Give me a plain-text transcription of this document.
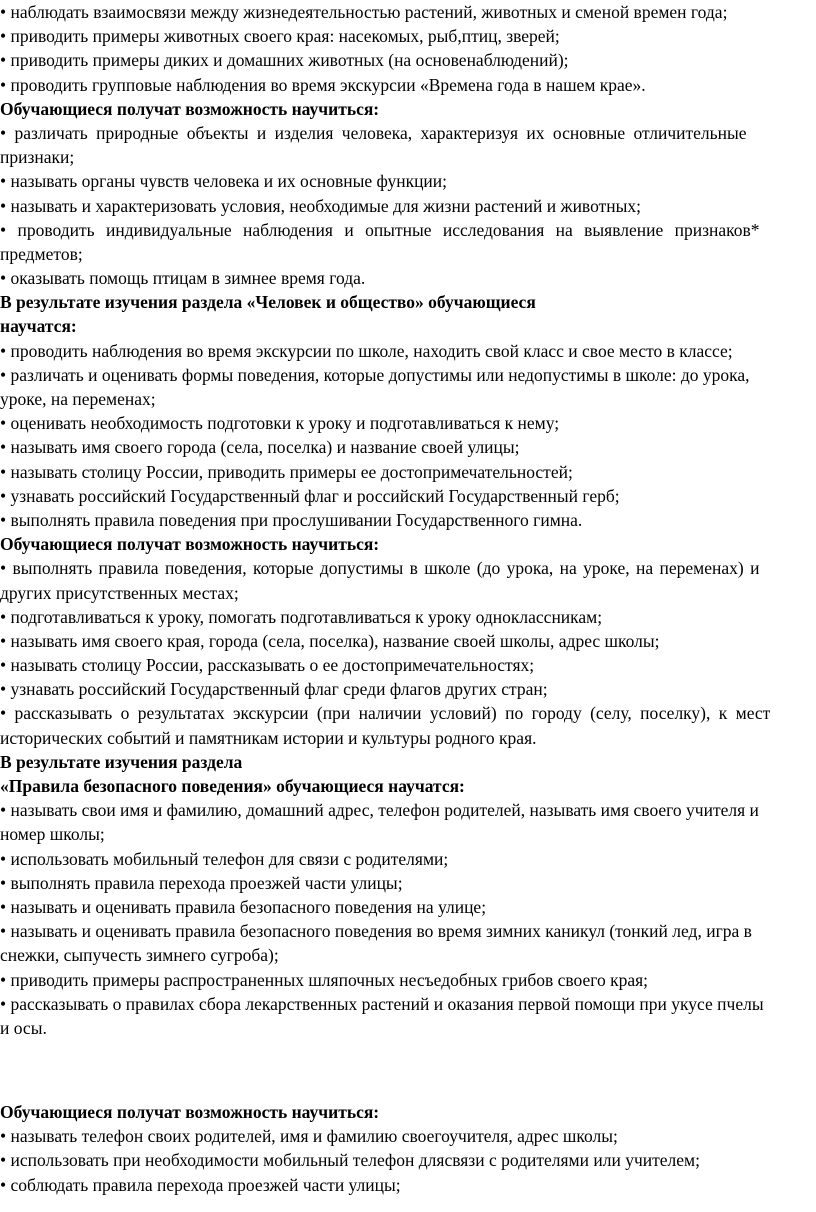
• наблюдать взаимосвязи между жизнедеятельностью растений, животных и сменой времен года;
• приводить примеры животных своего края: насекомых, рыб,птиц, зверей;
• приводить примеры диких и домашних животных (на основенаблюдений);
• проводить групповые наблюдения во время экскурсии «Времена года в нашем крае».
Обучающиеся получат возможность научиться:
• различать природные объекты и изделия человека, характеризуя их основные отличительные
признаки;
• называть органы чувств человека и их основные функции;
• называть и характеризовать условия, необходимые для жизни растений и животных;
• проводить индивидуальные наблюдения и опытные исследования на выявление признаков*
предметов;
• оказывать помощь птицам в зимнее время года.
В результате изучения раздела «Человек и общество» обучающиеся
научатся:
• проводить наблюдения во время экскурсии по школе, находить свой класс и свое место в классе;
• различать и оценивать формы поведения, которые допустимы или недопустимы в школе: до урока,
уроке, на переменах;
• оценивать необходимость подготовки к уроку и подготавливаться к нему;
• называть имя своего города (села, поселка) и название своей улицы;
• называть столицу России, приводить примеры ее достопримечательностей;
• узнавать российский Государственный флаг и российский Государственный герб;
• выполнять правила поведения при прослушивании Государственного гимна.
Обучающиеся получат возможность научиться:
• выполнять правила поведения, которые допустимы в школе (до урока, на уроке, на переменах) и
других присутственных местах;
• подготавливаться к уроку, помогать подготавливаться к уроку одноклассникам;
• называть имя своего края, города (села, поселка), название своей школы, адрес школы;
• называть столицу России, рассказывать о ее достопримечательностях;
• узнавать российский Государственный флаг среди флагов других стран;
• рассказывать о результатах экскурсии (при наличии условий) по городу (селу, поселку), к мест
исторических событий и памятникам истории и культуры родного края.
В результате изучения раздела
«Правила безопасного поведения» обучающиеся научатся:
• называть свои имя и фамилию, домашний адрес, телефон родителей, называть имя своего учителя и
номер школы;
• использовать мобильный телефон для связи с родителями;
• выполнять правила перехода проезжей части улицы;
• называть и оценивать правила безопасного поведения на улице;
• называть и оценивать правила безопасного поведения во время зимних каникул (тонкий лед, игра в
снежки, сыпучесть зимнего сугроба);
• приводить примеры распространенных шляпочных несъедобных грибов своего края;
• рассказывать о правилах сбора лекарственных растений и оказания первой помощи при укусе пчелы
и осы.
Обучающиеся получат возможность научиться:
• называть телефон своих родителей, имя и фамилию своегоучителя, адрес школы;
• использовать при необходимости мобильный телефон длясвязи с родителями или учителем;
• соблюдать правила перехода проезжей части улицы;
